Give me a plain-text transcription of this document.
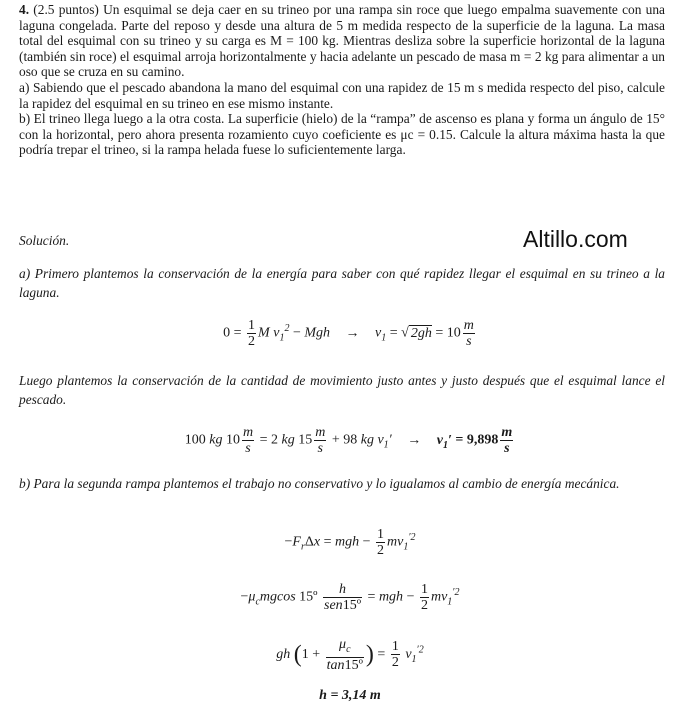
4. (2.5 puntos) Un esquimal se deja caer en su trineo por una rampa sin roce que luego empalma suavemente con una laguna congelada. Parte del reposo y desde una altura de 5 m medida respecto de la superficie de la laguna. La masa total del esquimal con su trineo y su carga es M = 100 kg. Mientras desliza sobre la superficie horizontal de la laguna (también sin roce) el esquimal arroja horizontalmente y hacia adelante un pescado de masa m = 2 kg para alimentar a un oso que se cruza en su camino.

a) Sabiendo que el pescado abandona la mano del esquimal con una rapidez de 15 m s medida respecto del piso, calcule la rapidez del esquimal en su trineo en ese mismo instante.

b) El trineo llega luego a la otra costa. La superficie (hielo) de la “rampa” de ascenso es plana y forma un ángulo de 15° con la horizontal, pero ahora presenta rozamiento cuyo coeficiente es μc = 0.15. Calcule la altura máxima hasta la que podría trepar el trineo, si la rampa helada fuese lo suficientemente larga.

Altillo.com
Solución.
a) Primero plantemos la conservación de la energía para saber con qué rapidez llegar el esquimal en su trineo a la laguna.
$0 = \frac{1}{2}$ M $v_1^2$ − Mgh → $v_1$ = √ $2gh = 10 \frac{m}{s}$
Luego plantemos la conservación de la cantidad de movimiento justo antes y justo después que el esquimal lance el pescado.
100 kg $10 \frac{m}{s} = 2$ kg $15 \frac{m}{s} + 98$ kg $v_1' \to v_1' = 9,898 \frac{m}{s}$
b) Para la segunda rampa plantemos el trabajo no conservativo y lo igualamos al cambio de energía mecánica.
$-F_r\Delta x$ = mgh − $\frac{1}{2} mv_1^{'2}$
$-\mu_cmgcos$ 15º $\frac{h}{\text{sen15º}}$ = mgh − $\frac{1}{2} mv_1^{'2}$
gh ($1 + \frac{\mu_c}{\text{tan15º}}$ ) = $\frac{1}{2} v_1^{'2}$
h = 3,14 m
